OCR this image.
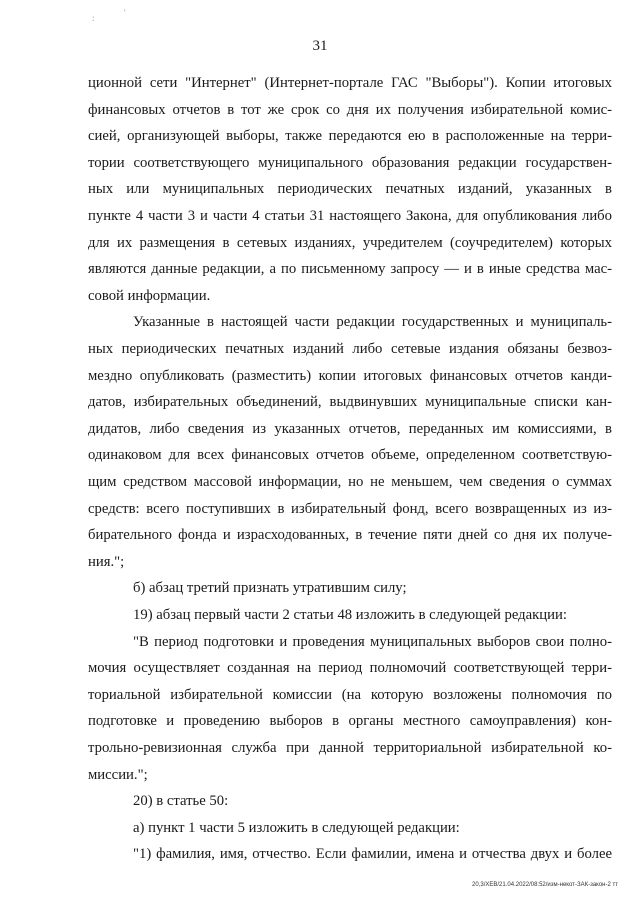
:	'
31
ционной сети "Интернет" (Интернет-портале ГАС "Выборы"). Копии итоговых
финансовых отчетов в тот же срок со дня их получения избирательной комис-
сией, организующей выборы, также передаются ею в расположенные на терри-
тории соответствующего муниципального образования редакции государствен-
ных или муниципальных периодических печатных изданий, указанных в
пункте 4 части 3 и части 4 статьи 31 настоящего Закона, для опубликования либо
для их размещения в сетевых изданиях, учредителем (соучредителем) которых
являются данные редакции, а по письменному запросу — и в иные средства мас-
совой информации.
Указанные в настоящей части редакции государственных и муниципаль-
ных периодических печатных изданий либо сетевые издания обязаны безвоз-
мездно опубликовать (разместить) копии итоговых финансовых отчетов канди-
датов, избирательных объединений, выдвинувших муниципальные списки кан-
дидатов, либо сведения из указанных отчетов, переданных им комиссиями, в
одинаковом для всех финансовых отчетов объеме, определенном соответствую-
щим средством массовой информации, но не меньшем, чем сведения о суммах
средств: всего поступивших в избирательный фонд, всего возвращенных из из-
бирательного фонда и израсходованных, в течение пяти дней со дня их получе-
ния.";
б) абзац третий признать утратившим силу;
19) абзац первый части 2 статьи 48 изложить в следующей редакции:
"В период подготовки и проведения муниципальных выборов свои полно-
мочия осуществляет созданная на период полномочий соответствующей терри-
ториальной избирательной комиссии (на которую возложены полномочия по
подготовке и проведению выборов в органы местного самоуправления) кон-
трольно-ревизионная служба при данной территориальной избирательной ко-
миссии.";
20) в статье 50:
а) пункт 1 части 5 изложить в следующей редакции:
"1) фамилия, имя, отчество. Если фамилии, имена и отчества двух и более
20,3/ХЕВ/21.04.2022/08:52/изм-некот-ЗАК-закон-2 тт
